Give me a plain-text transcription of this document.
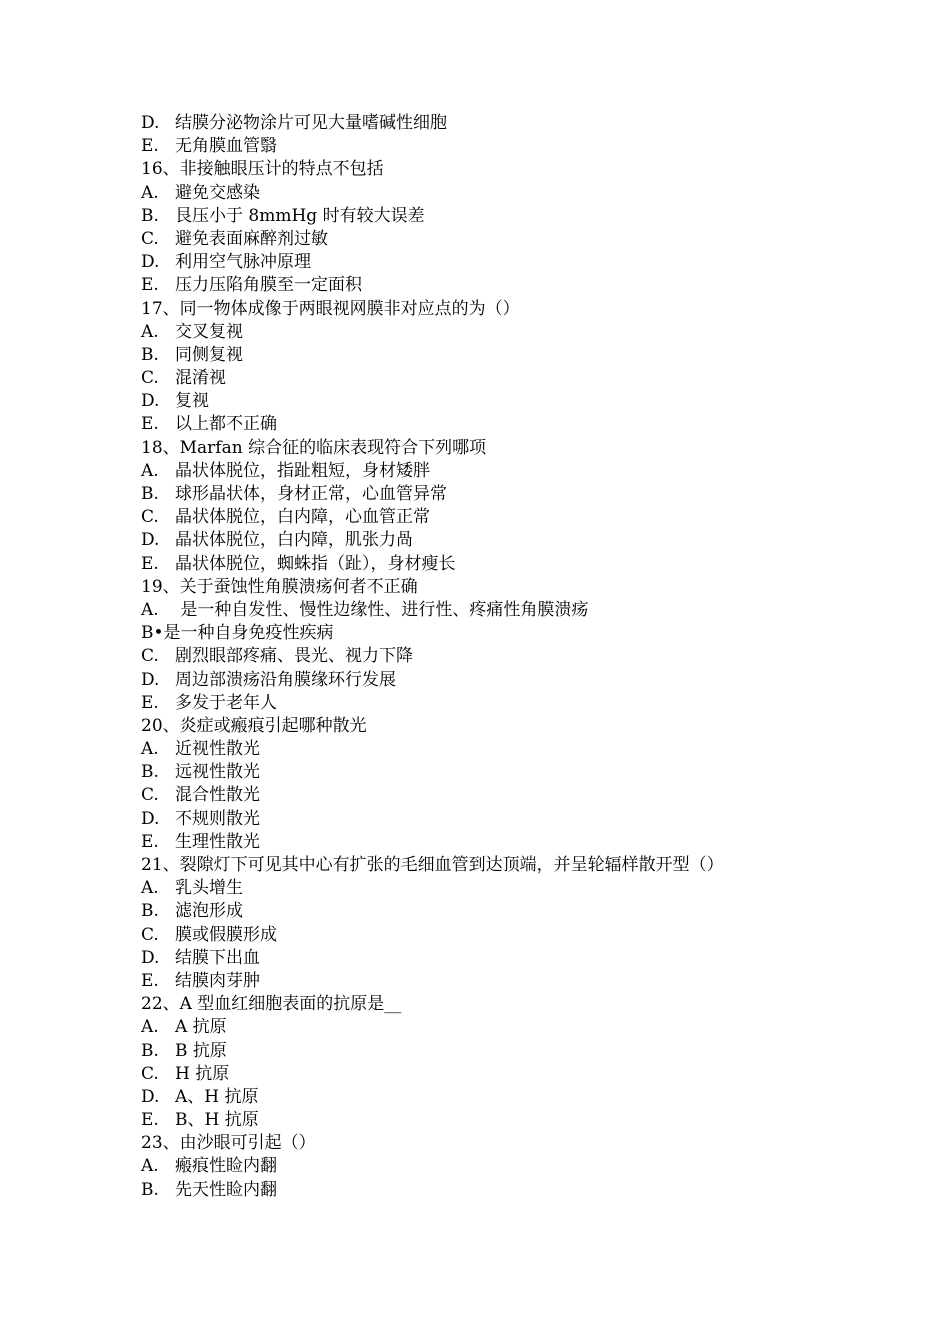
D. 结膜分泌物涂片可见大量嗜碱性细胞
E. 无角膜血管翳
16、非接触眼压计的特点不包括
A. 避免交感染
B. 艮压小于 8mmHg 时有较大误差
C. 避免表面麻醉剂过敏
D. 利用空气脉冲原理
E. 压力压陷角膜至一定面积
17、同一物体成像于两眼视网膜非对应点的为（）
A. 交叉复视
B. 同侧复视
C. 混淆视
D. 复视
E. 以上都不正确
18、Marfan 综合征的临床表现符合下列哪项
A. 晶状体脱位，指趾粗短，身材矮胖
B. 球形晶状体，身材正常，心血管异常
C. 晶状体脱位，白内障，心血管正常
D. 晶状体脱位，白内障，肌张力咼
E. 晶状体脱位，蜘蛛指（趾），身材瘦长
19、关于蚕蚀性角膜溃疡何者不正确
A. 是一种自发性、慢性边缘性、进行性、疼痛性角膜溃疡
B•是一种自身免疫性疾病
C. 剧烈眼部疼痛、畏光、视力下降
D. 周边部溃疡沿角膜缘环行发展
E. 多发于老年人
20、炎症或瘢痕引起哪种散光
A. 近视性散光
B. 远视性散光
C. 混合性散光
D. 不规则散光
E. 生理性散光
21、裂隙灯下可见其中心有扩张的毛细血管到达顶端，并呈轮辐样散开型（）
A. 乳头增生
B. 滤泡形成
C. 膜或假膜形成
D. 结膜下出血
E. 结膜肉芽肿
22、A 型血红细胞表面的抗原是__
A. A 抗原
B. B 抗原
C. H 抗原
D. A、H 抗原
E. B、H 抗原
23、由沙眼可引起（）
A. 瘢痕性睑内翻
B. 先天性睑内翻
